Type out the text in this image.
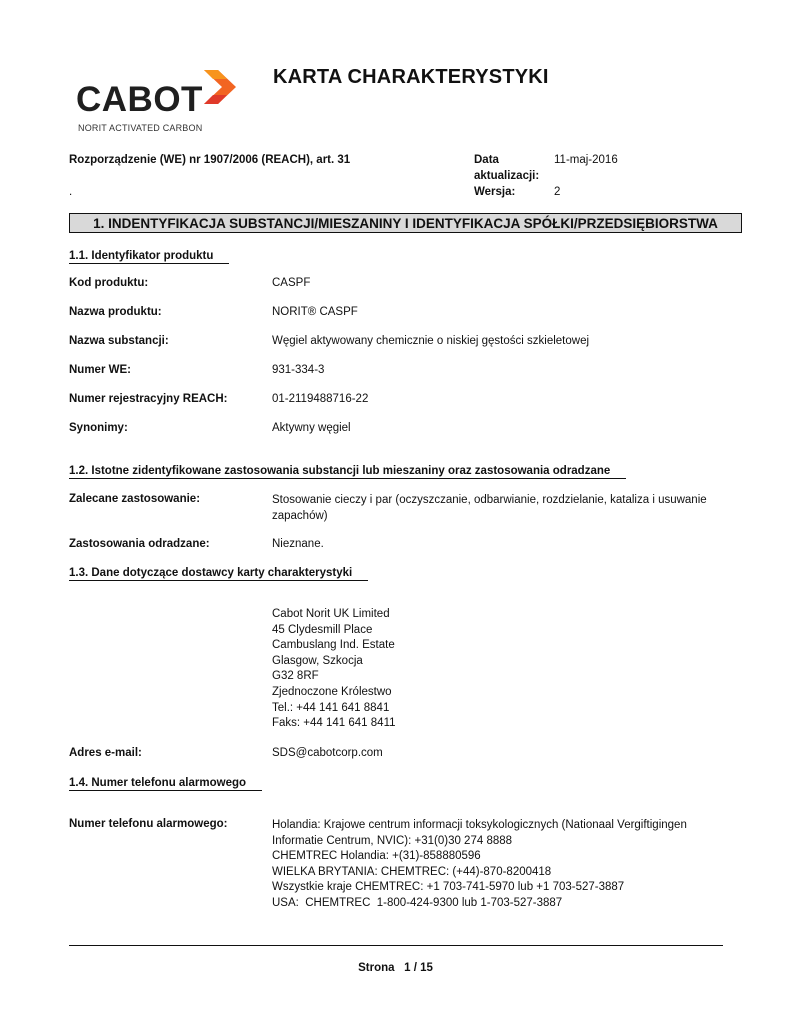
CABOT
NORIT ACTIVATED CARBON
KARTA CHARAKTERYSTYKI
Rozporządzenie (WE) nr 1907/2006 (REACH), art. 31
.
Data
aktualizacji:
11-maj-2016
Wersja:	2
1. INDENTYFIKACJA SUBSTANCJI/MIESZANINY I IDENTYFIKACJA SPÓŁKI/PRZEDSIĘBIORSTWA
1.1. Identyfikator produktu
Kod produktu:	CASPF
Nazwa produktu:	NORIT® CASPF
Nazwa substancji:	Węgiel aktywowany chemicznie o niskiej gęstości szkieletowej
Numer WE:	931-334-3
Numer rejestracyjny REACH:	01-2119488716-22
Synonimy:	Aktywny węgiel
1.2. Istotne zidentyfikowane zastosowania substancji lub mieszaniny oraz zastosowania odradzane
Zalecane zastosowanie:	Stosowanie cieczy i par (oczyszczanie, odbarwianie, rozdzielanie, kataliza i usuwanie
zapachów)
Zastosowania odradzane:	Nieznane.
1.3. Dane dotyczące dostawcy karty charakterystyki
Cabot Norit UK Limited
45 Clydesmill Place
Cambuslang Ind. Estate
Glasgow, Szkocja
G32 8RF
Zjednoczone Królestwo
Tel.: +44 141 641 8841
Faks: +44 141 641 8411
Adres e-mail:	SDS@cabotcorp.com
1.4. Numer telefonu alarmowego
Numer telefonu alarmowego:	Holandia: Krajowe centrum informacji toksykologicznych (Nationaal Vergiftigingen
Informatie Centrum, NVIC): +31(0)30 274 8888
CHEMTREC Holandia: +(31)-858880596
WIELKA BRYTANIA: CHEMTREC: (+44)-870-8200418
Wszystkie kraje CHEMTREC: +1 703-741-5970 lub +1 703-527-3887
USA:  CHEMTREC  1-800-424-9300 lub 1-703-527-3887
Strona 1 / 15
